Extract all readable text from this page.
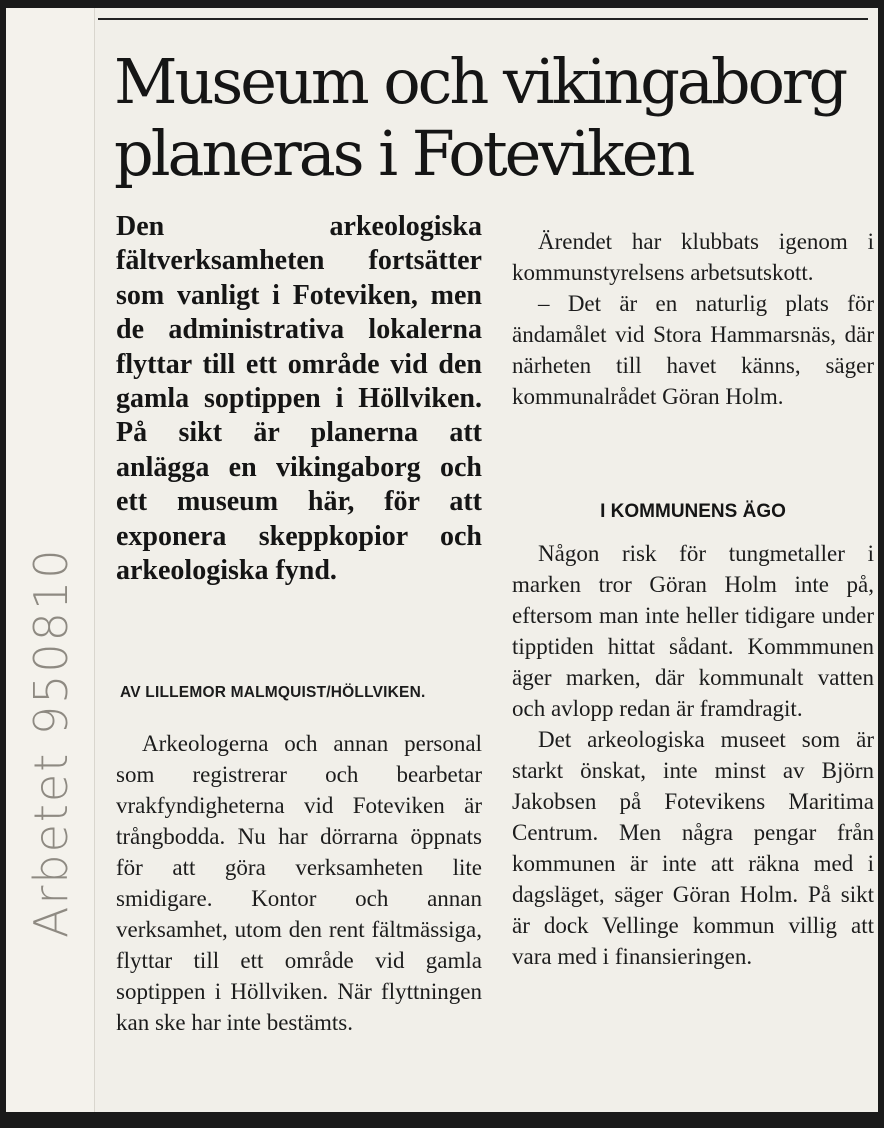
Arbetet 950810
Museum och vikingaborg planeras i Foteviken
Den arkeologiska fältverksamheten fortsätter som vanligt i Foteviken, men de administrativa lokalerna flyttar till ett område vid den gamla soptippen i Höllviken. På sikt är planerna att anlägga en vikingaborg och ett museum här, för att exponera skeppkopior och arkeologiska fynd.
AV LILLEMOR MALMQUIST/HÖLLVIKEN.

Arkeologerna och annan personal som registrerar och bearbetar vrakfyndigheterna vid Foteviken är trångbodda. Nu har dörrarna öppnats för att göra verksamheten lite smidigare. Kontor och annan verksamhet, utom den rent fältmässiga, flyttar till ett område vid gamla soptippen i Höllviken. När flyttningen kan ske har inte bestämts.

Ärendet har klubbats igenom i kommunstyrelsens arbetsutskott.

– Det är en naturlig plats för ändamålet vid Stora Hammarsnäs, där närheten till havet känns, säger kommunalrådet Göran Holm.

I KOMMUNENS ÄGO

Någon risk för tungmetaller i marken tror Göran Holm inte på, eftersom man inte heller tidigare under tipptiden hittat sådant. Kommmunen äger marken, där kommunalt vatten och avlopp redan är framdragit.

Det arkeologiska museet som är starkt önskat, inte minst av Björn Jakobsen på Fotevikens Maritima Centrum. Men några pengar från kommunen är inte att räkna med i dagsläget, säger Göran Holm. På sikt är dock Vellinge kommun villig att vara med i finansieringen.
